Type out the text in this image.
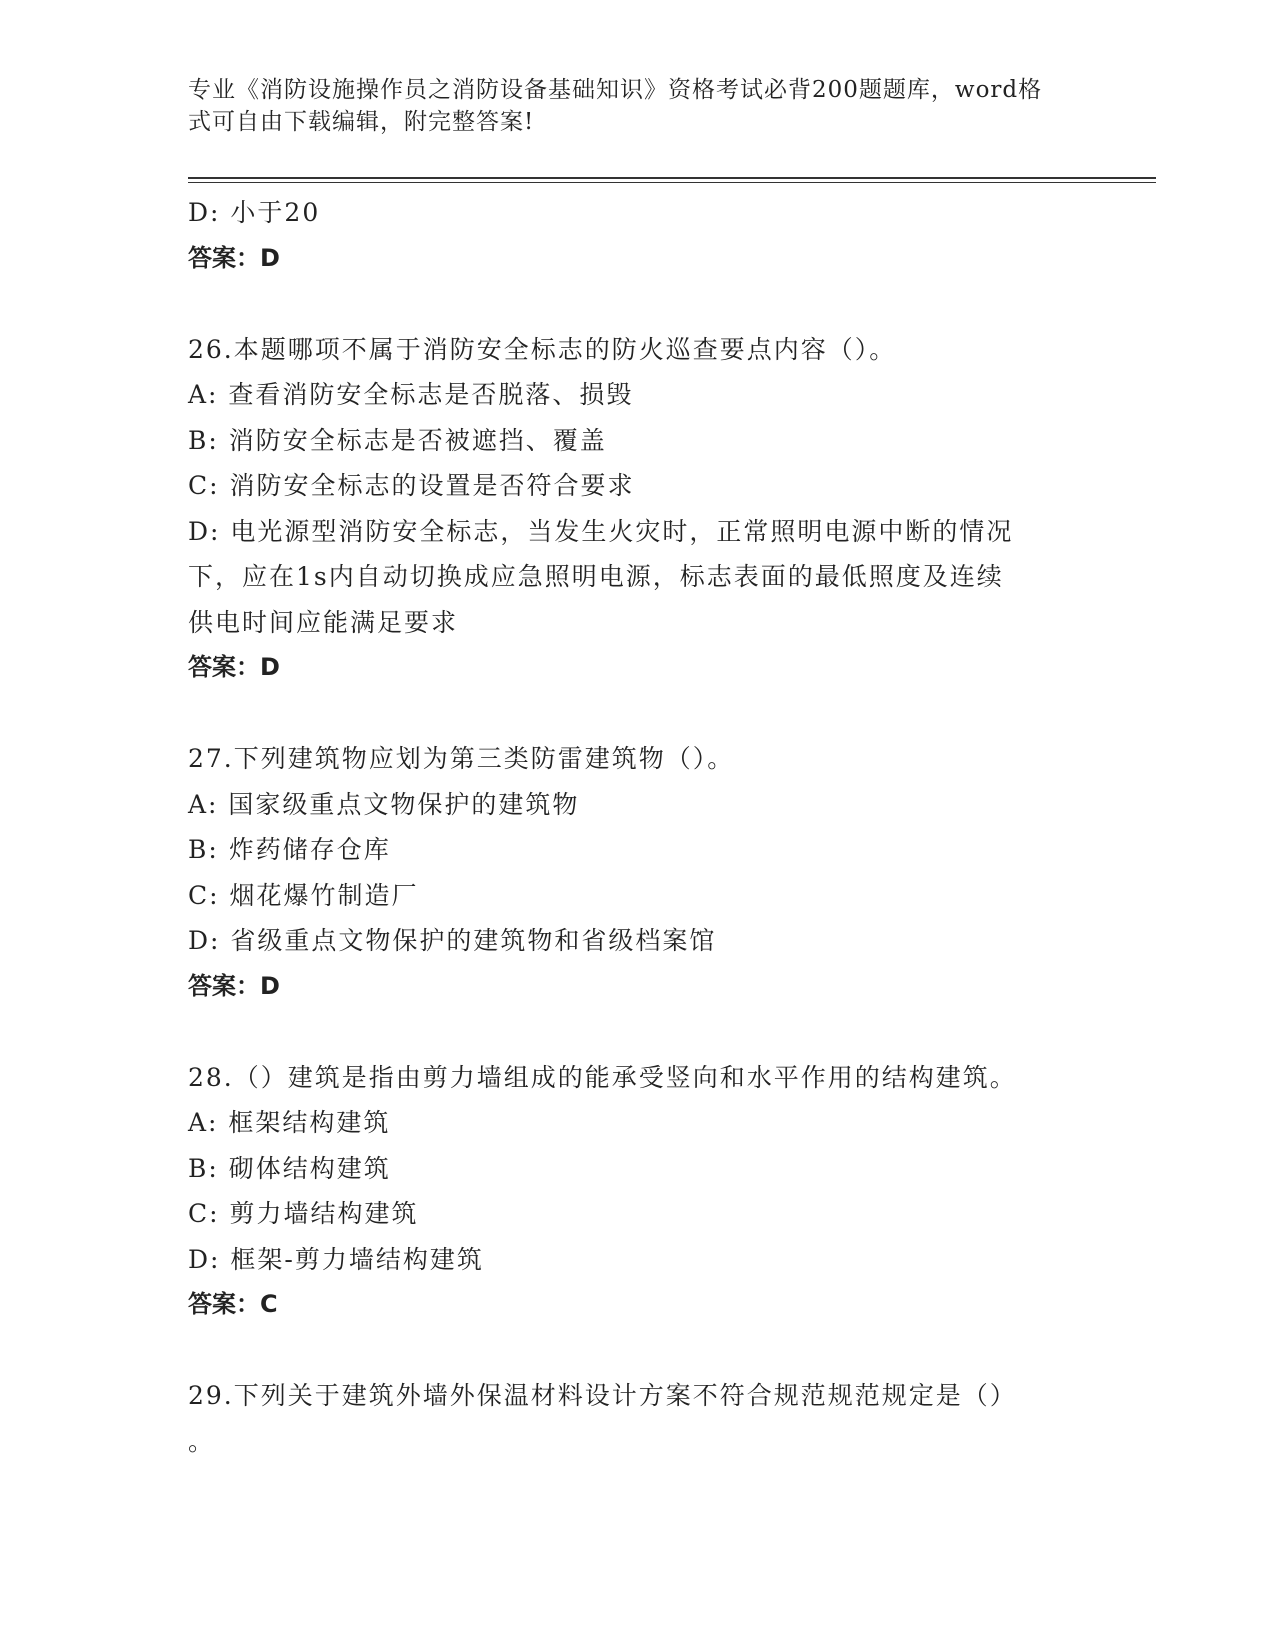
专业《消防设施操作员之消防设备基础知识》资格考试必背200题题库，word格
式可自由下载编辑，附完整答案!

D: 小于20

答案：D

26.本题哪项不属于消防安全标志的防火巡查要点内容（）。

A: 查看消防安全标志是否脱落、损毁

B: 消防安全标志是否被遮挡、覆盖

C: 消防安全标志的设置是否符合要求

D: 电光源型消防安全标志，当发生火灾时，正常照明电源中断的情况

下，应在1s内自动切换成应急照明电源，标志表面的最低照度及连续

供电时间应能满足要求

答案：D

27.下列建筑物应划为第三类防雷建筑物（）。

A: 国家级重点文物保护的建筑物

B: 炸药储存仓库

C: 烟花爆竹制造厂

D: 省级重点文物保护的建筑物和省级档案馆

答案：D

28.（）建筑是指由剪力墙组成的能承受竖向和水平作用的结构建筑。

A: 框架结构建筑

B: 砌体结构建筑

C: 剪力墙结构建筑

D: 框架-剪力墙结构建筑

答案：C

29.下列关于建筑外墙外保温材料设计方案不符合规范规范规定是（）

。
